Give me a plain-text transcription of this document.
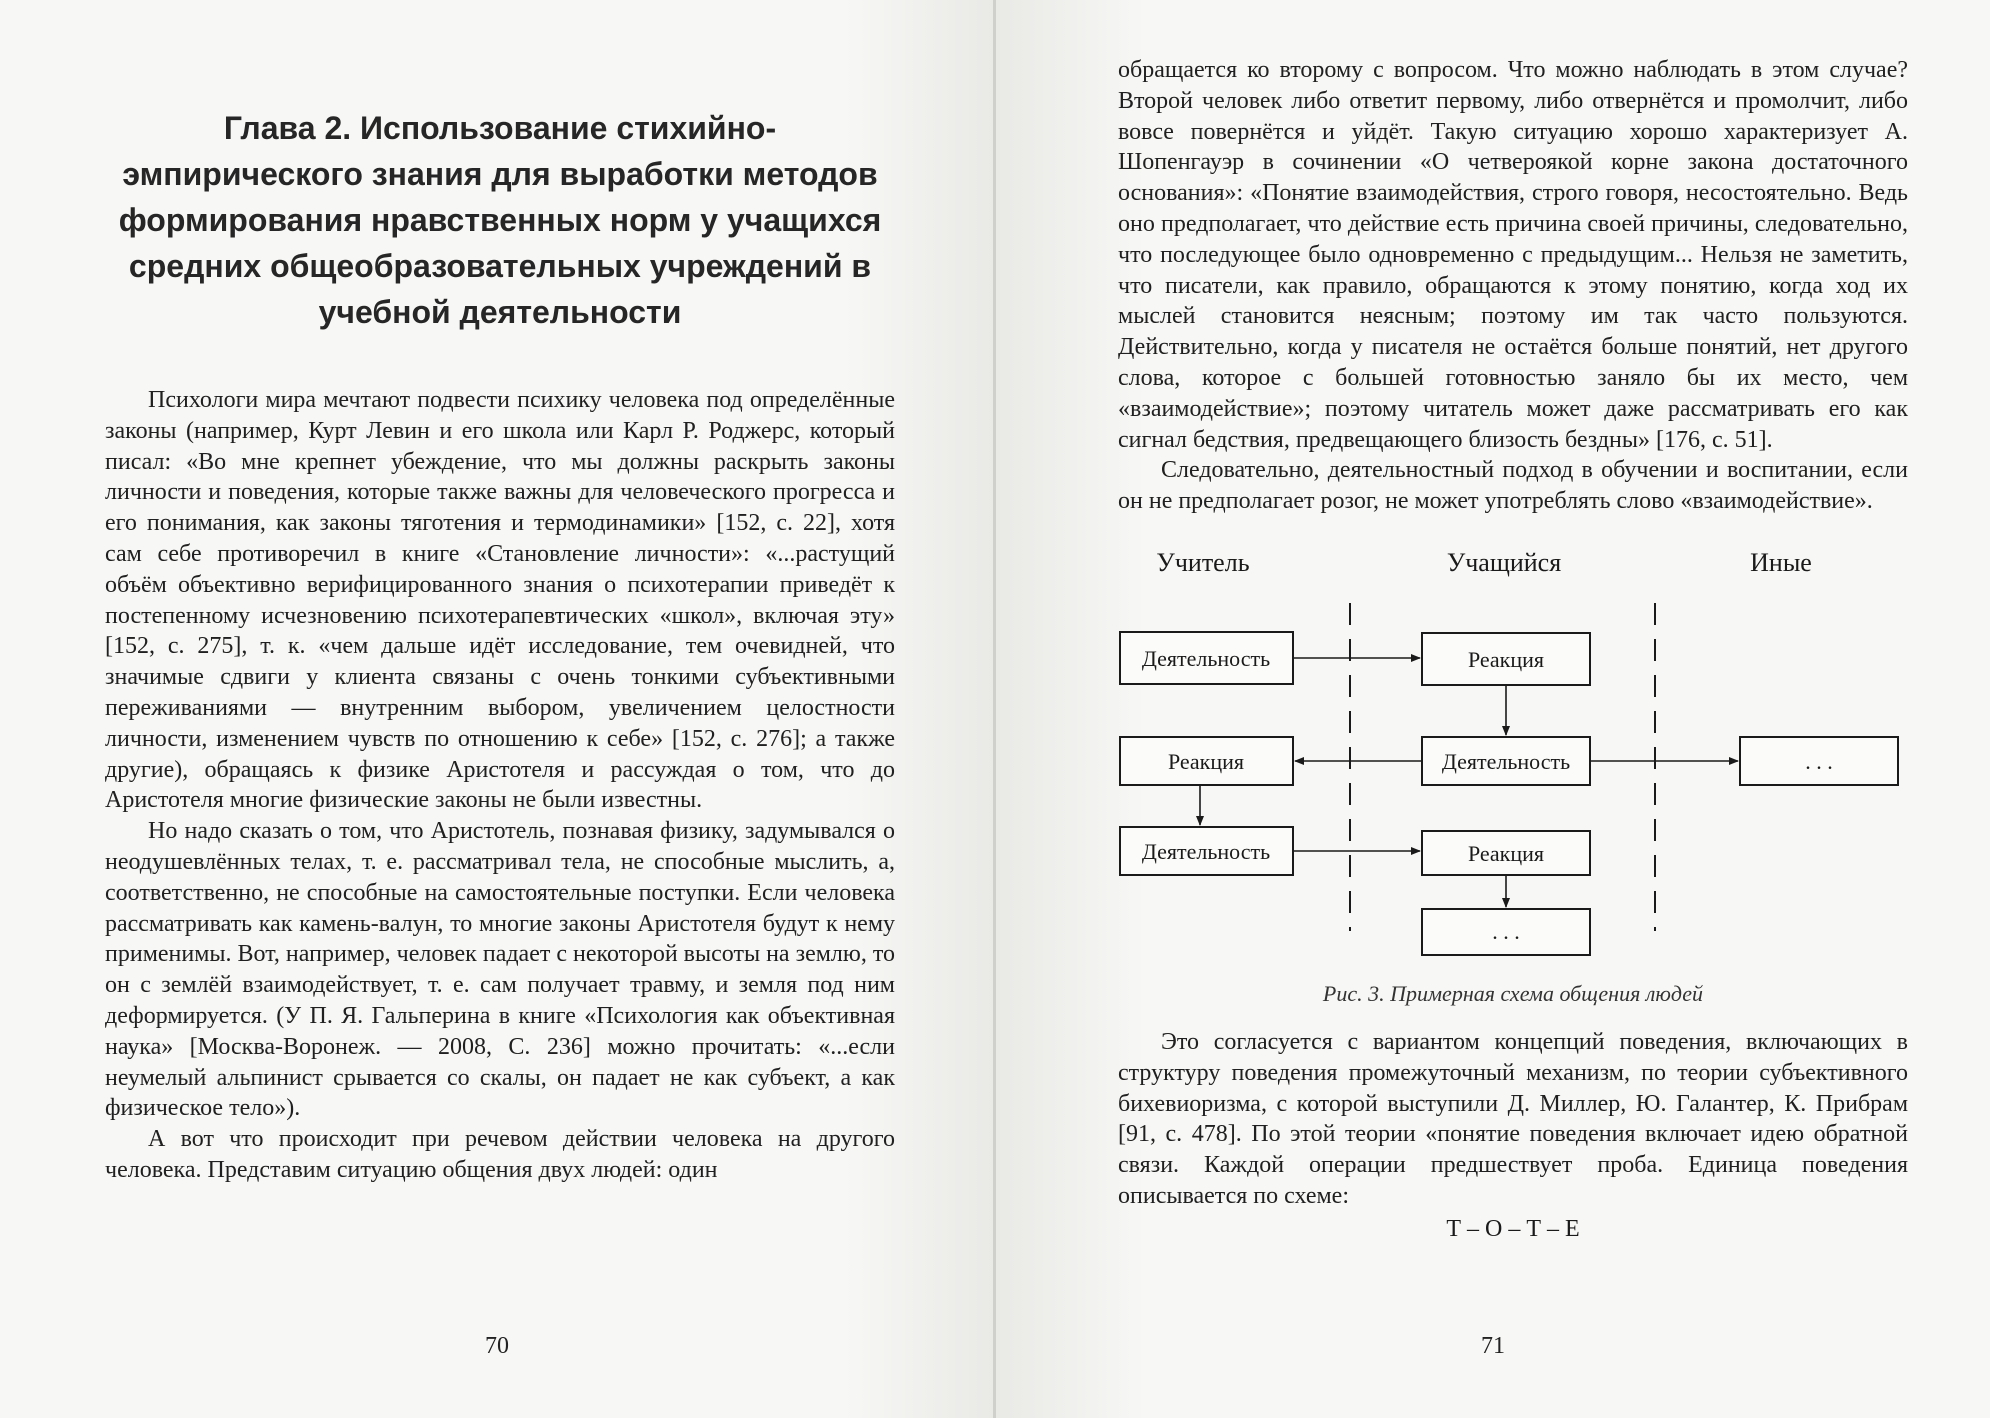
Глава 2. Использование стихийно-эмпирического знания для выработки методов формирования нравственных норм у учащихся средних общеобразовательных учреждений в учебной деятельности

Психологи мира мечтают подвести психику человека под определённые законы (например, Курт Левин и его школа или Карл Р. Роджерс, который писал: «Во мне крепнет убеждение, что мы должны раскрыть законы личности и поведения, которые также важны для человеческого прогресса и его понимания, как законы тяготения и термодинамики» [152, с. 22], хотя сам себе противоречил в книге «Становление личности»: «...растущий объём объективно верифицированного знания о психотерапии приведёт к постепенному исчезновению психотерапевтических «школ», включая эту» [152, с. 275], т. к. «чем дальше идёт исследование, тем очевидней, что значимые сдвиги у клиента связаны с очень тонкими субъективными переживаниями — внутренним выбором, увеличением целостности личности, изменением чувств по отношению к себе» [152, с. 276]; а также другие), обращаясь к физике Аристотеля и рассуждая о том, что до Аристотеля многие физические законы не были известны.

Но надо сказать о том, что Аристотель, познавая физику, задумывался о неодушевлённых телах, т. е. рассматривал тела, не способные мыслить, а, соответственно, не способные на самостоятельные поступки. Если человека рассматривать как камень-валун, то многие законы Аристотеля будут к нему применимы. Вот, например, человек падает с некоторой высоты на землю, то он с землёй взаимодействует, т. е. сам получает травму, и земля под ним деформируется. (У П. Я. Гальперина в книге «Психология как объективная наука» [Москва-Воронеж. — 2008, С. 236] можно прочитать: «...если неумелый альпинист срывается со скалы, он падает не как субъект, а как физическое тело»).

А вот что происходит при речевом действии человека на другого человека. Представим ситуацию общения двух людей: один

70

обращается ко второму с вопросом. Что можно наблюдать в этом случае? Второй человек либо ответит первому, либо отвернётся и промолчит, либо вовсе повернётся и уйдёт. Такую ситуацию хорошо характеризует А. Шопенгауэр в сочинении «О четвероякой корне закона достаточного основания»: «Понятие взаимодействия, строго говоря, несостоятельно. Ведь оно предполагает, что действие есть причина своей причины, следовательно, что последующее было одновременно с предыдущим... Нельзя не заметить, что писатели, как правило, обращаются к этому понятию, когда ход их мыслей становится неясным; поэтому им так часто пользуются. Действительно, когда у писателя не остаётся больше понятий, нет другого слова, которое с большей готовностью заняло бы их место, чем «взаимодействие»; поэтому читатель может даже рассматривать его как сигнал бедствия, предвещающего близость бездны» [176, с. 51].

Следовательно, деятельностный подход в обучении и воспитании, если он не предполагает розог, не может употреблять слово «взаимодействие».

Учитель	Учащийся	Иные
Деятельность	Реакция
Реакция	Деятельность	. . .
Деятельность	Реакция
. . .
Рис. 3. Примерная схема общения людей

Это согласуется с вариантом концепций поведения, включающих в структуру поведения промежуточный механизм, по теории субъективного бихевиоризма, с которой выступили Д. Миллер, Ю. Галантер, К. Прибрам [91, с. 478]. По этой теории «понятие поведения включает идею обратной связи. Каждой операции предшествует проба. Единица поведения описывается по схеме:

Т – О – Т – Е

71
